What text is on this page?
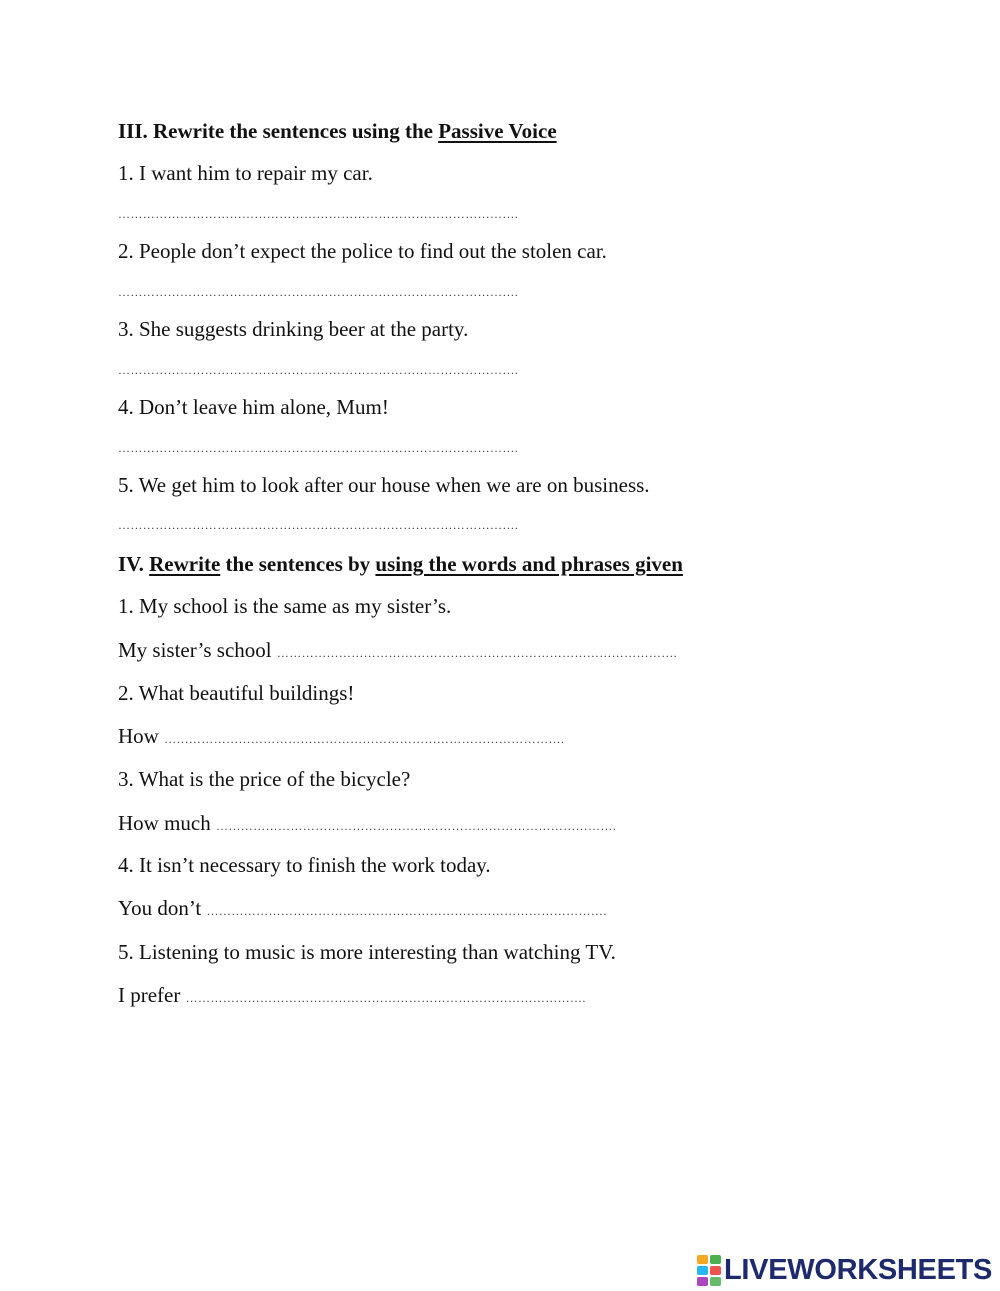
III. Rewrite the sentences using the Passive Voice
1. I want him to repair my car.
…………………………………………………………………………………….
2. People don’t expect the police to find out the stolen car.
…………………………………………………………………………………….
3. She suggests drinking beer at the party.
…………………………………………………………………………………….
4. Don’t leave him alone, Mum!
…………………………………………………………………………………….
5. We get him to look after our house when we are on business.
…………………………………………………………………………………….
IV. Rewrite the sentences by using the words and phrases given
1. My school is the same as my sister’s.
My sister’s school …………………………………………………………………………………….
2. What beautiful buildings!
How …………………………………………………………………………………….
3. What is the price of the bicycle?
How much …………………………………………………………………………………….
4. It isn’t necessary to finish the work today.
You don’t …………………………………………………………………………………….
5. Listening to music is more interesting than watching TV.
I prefer …………………………………………………………………………………….
LIVEWORKSHEETS
